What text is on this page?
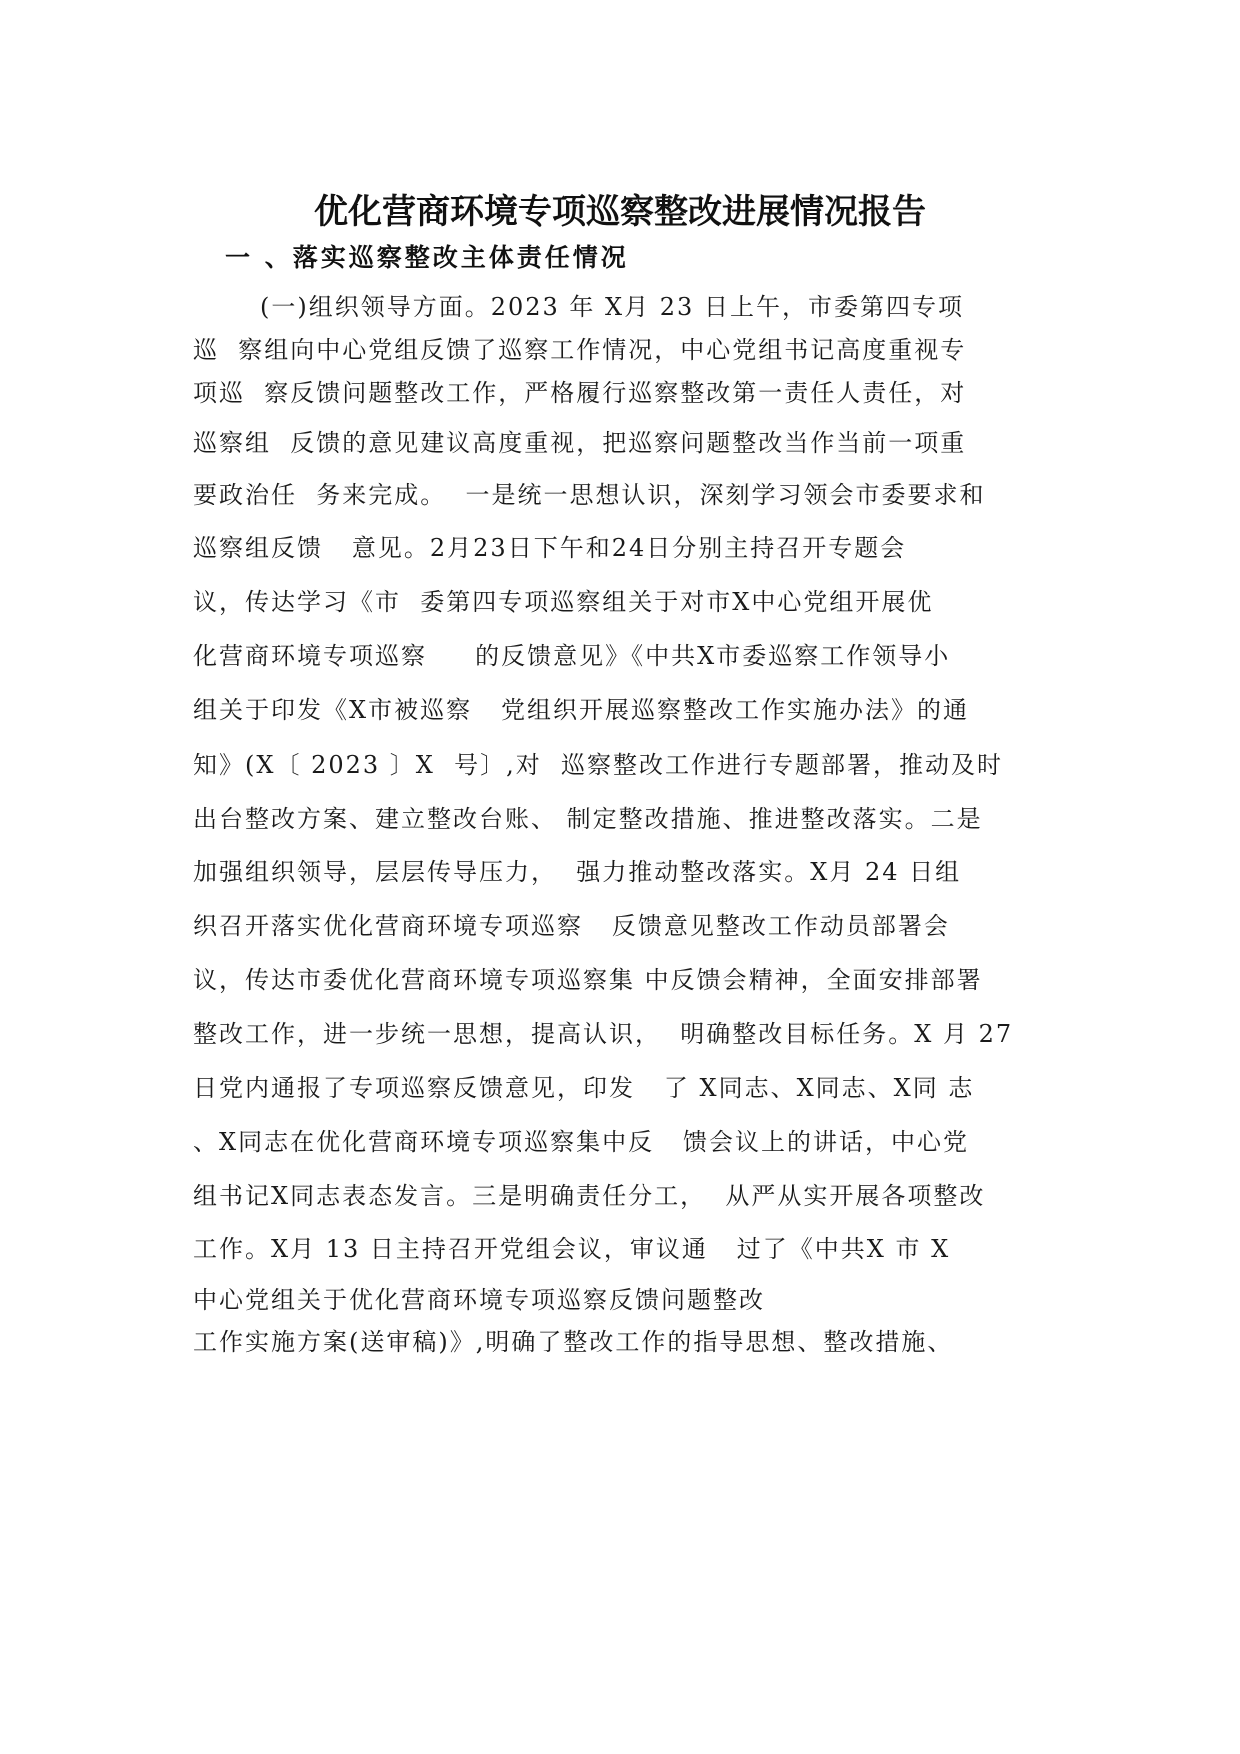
优化营商环境专项巡察整改进展情况报告
一 、落实巡察整改主体责任情况
(一)组织领导方面。2023 年 X月 23 日上午，市委第四专项
巡  察组向中心党组反馈了巡察工作情况，中心党组书记高度重视专
项巡  察反馈问题整改工作，严格履行巡察整改第一责任人责任，对
巡察组  反馈的意见建议高度重视，把巡察问题整改当作当前一项重
要政治任  务来完成。  一是统一思想认识，深刻学习领会市委要求和
巡察组反馈   意见。2月23日下午和24日分别主持召开专题会
议，传达学习《市  委第四专项巡察组关于对市X中心党组开展优
化营商环境专项巡察     的反馈意见》《中共X市委巡察工作领导小
组关于印发《X市被巡察   党组织开展巡察整改工作实施办法》的通
知》(X〔 2023 〕X  号〕,对  巡察整改工作进行专题部署，推动及时
出台整改方案、建立整改台账、 制定整改措施、推进整改落实。二是
加强组织领导，层层传导压力，  强力推动整改落实。X月 24 日组
织召开落实优化营商环境专项巡察   反馈意见整改工作动员部署会
议，传达市委优化营商环境专项巡察集 中反馈会精神，全面安排部署
整改工作，进一步统一思想，提高认识，  明确整改目标任务。X 月 27
日党内通报了专项巡察反馈意见，印发   了 X同志、X同志、X同 志
、X同志在优化营商环境专项巡察集中反   馈会议上的讲话，中心党
组书记X同志表态发言。三是明确责任分工，  从严从实开展各项整改
工作。X月 13 日主持召开党组会议，审议通   过了《中共X 市 X
中心党组关于优化营商环境专项巡察反馈问题整改
工作实施方案(送审稿)》,明确了整改工作的指导思想、整改措施、
